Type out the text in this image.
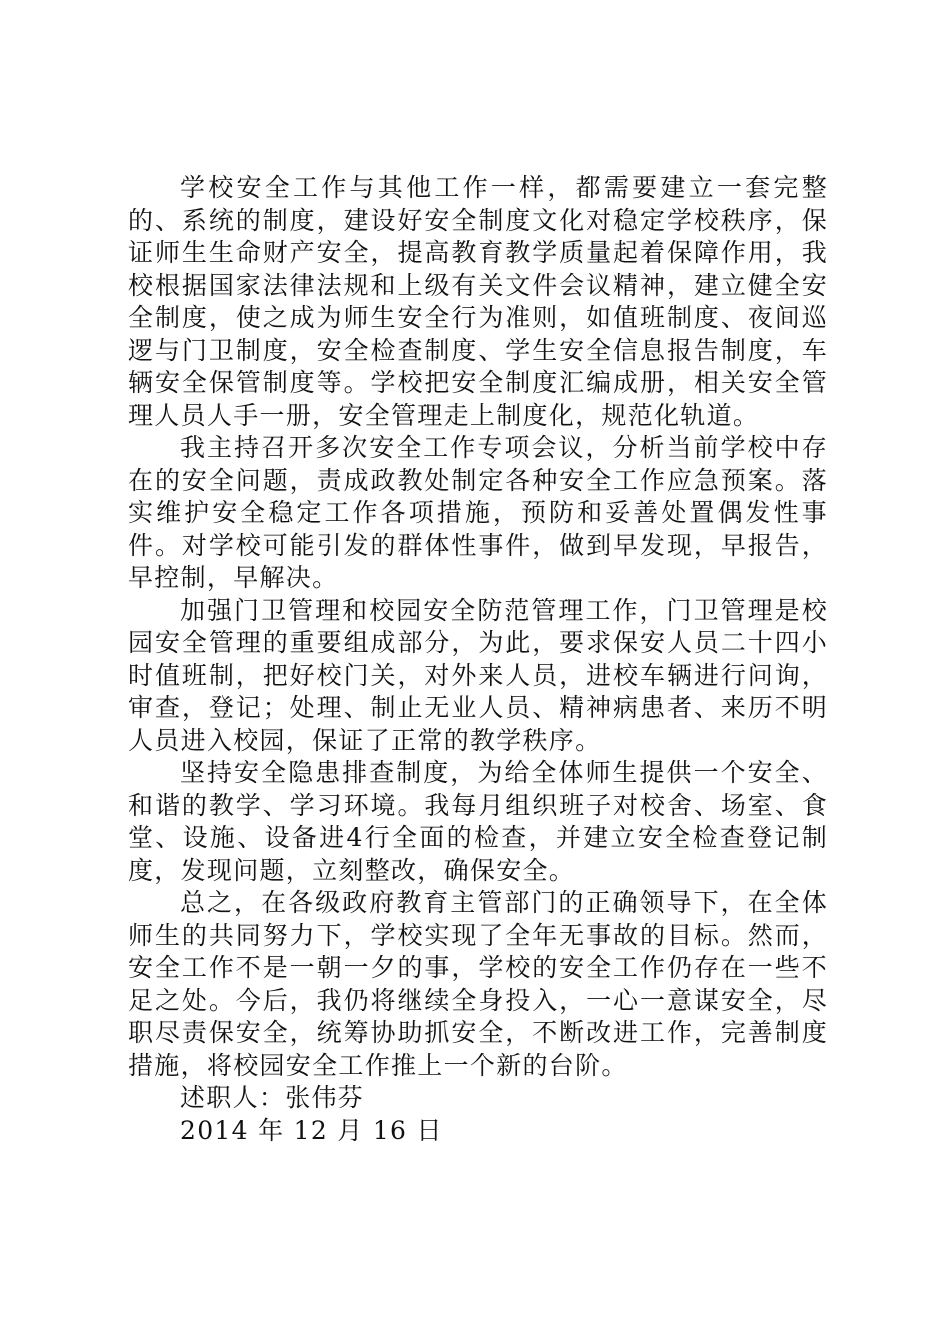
学校安全工作与其他工作一样，都需要建立一套完整的、系统的制度，建设好安全制度文化对稳定学校秩序，保证师生生命财产安全，提高教育教学质量起着保障作用，我校根据国家法律法规和上级有关文件会议精神，建立健全安全制度，使之成为师生安全行为准则，如值班制度、夜间巡逻与门卫制度，安全检查制度、学生安全信息报告制度，车辆安全保管制度等。学校把安全制度汇编成册，相关安全管理人员人手一册，安全管理走上制度化，规范化轨道。

我主持召开多次安全工作专项会议，分析当前学校中存在的安全问题，责成政教处制定各种安全工作应急预案。落实维护安全稳定工作各项措施，预防和妥善处置偶发性事件。对学校可能引发的群体性事件，做到早发现，早报告，早控制，早解决。

加强门卫管理和校园安全防范管理工作，门卫管理是校园安全管理的重要组成部分，为此，要求保安人员二十四小时值班制，把好校门关，对外来人员，进校车辆进行问询，审查，登记；处理、制止无业人员、精神病患者、来历不明人员进入校园，保证了正常的教学秩序。

坚持安全隐患排查制度，为给全体师生提供一个安全、和谐的教学、学习环境。我每月组织班子对校舍、场室、食堂、设施、设备进4行全面的检查，并建立安全检查登记制度，发现问题，立刻整改，确保安全。

总之，在各级政府教育主管部门的正确领导下，在全体师生的共同努力下，学校实现了全年无事故的目标。然而，安全工作不是一朝一夕的事，学校的安全工作仍存在一些不足之处。今后，我仍将继续全身投入，一心一意谋安全，尽职尽责保安全，统筹协助抓安全，不断改进工作，完善制度措施，将校园安全工作推上一个新的台阶。

述职人：张伟芬

2014 年 12 月 16 日
